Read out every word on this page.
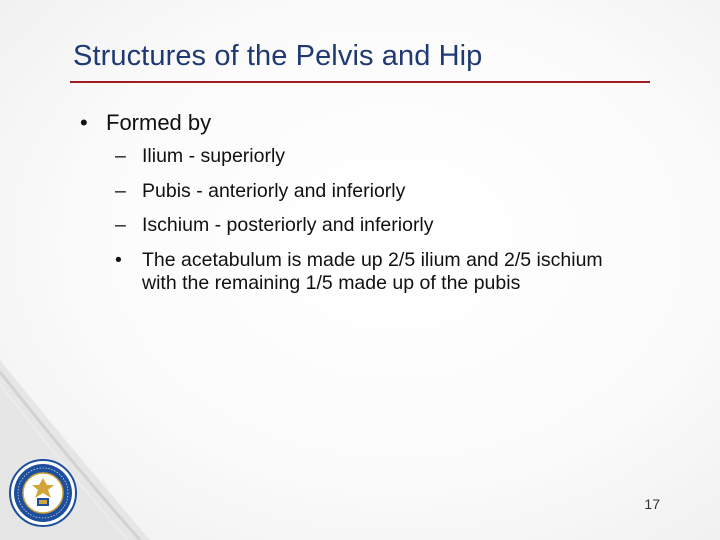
Structures of the Pelvis and Hip
• Formed by
– Ilium - superiorly
– Pubis - anteriorly and inferiorly
– Ischium - posteriorly and inferiorly
•	The acetabulum is made up 2/5 ilium and 2/5 ischium with the remaining 1/5 made up of the pubis
17
